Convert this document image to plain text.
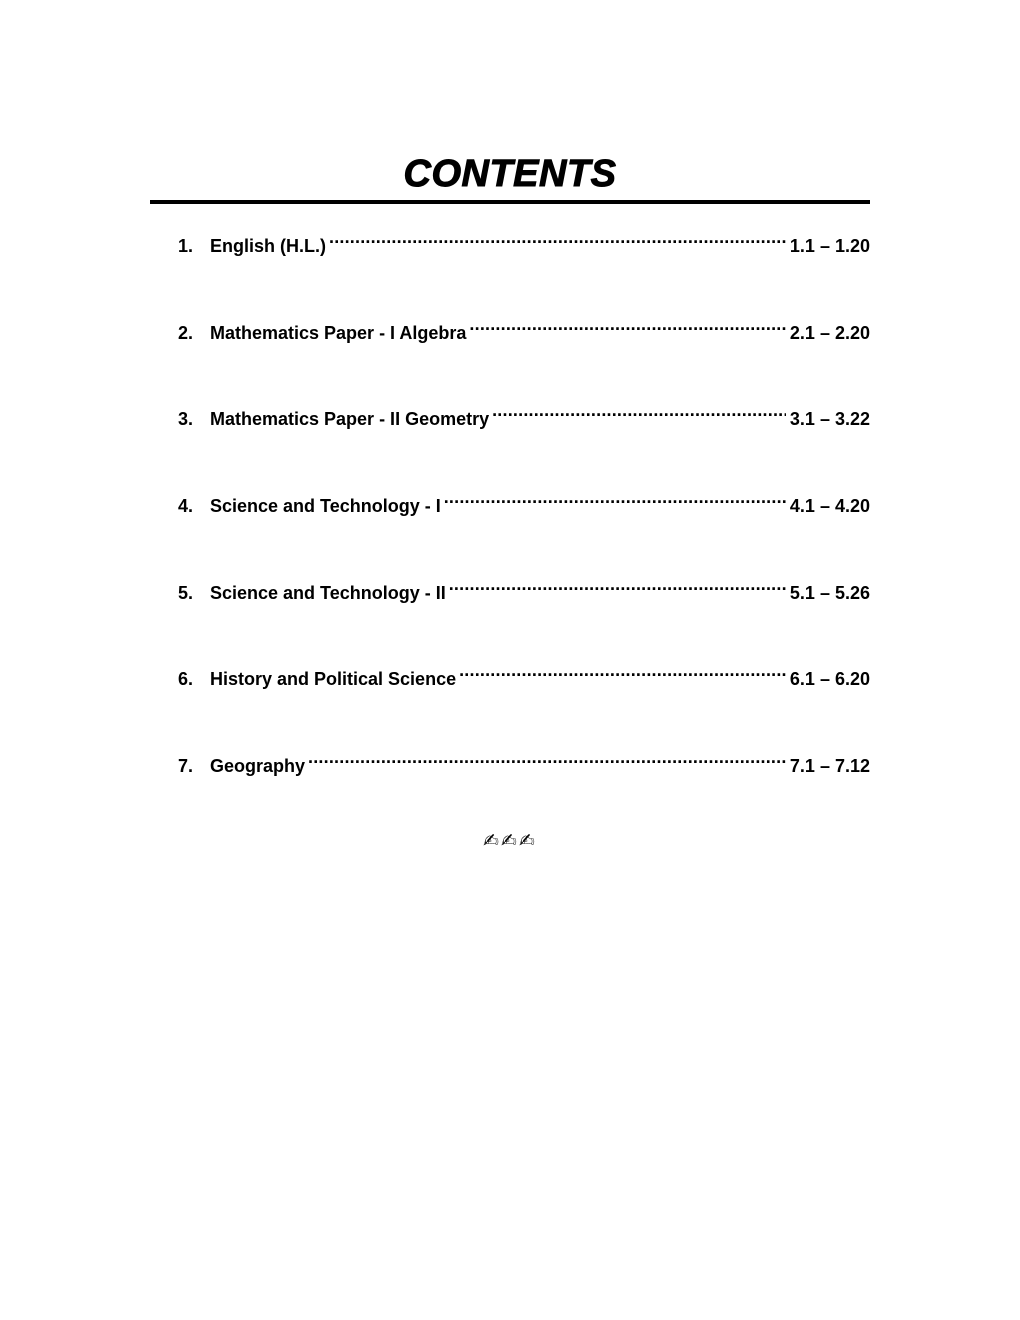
CONTENTS
1. English (H.L.) .....	1.1 – 1.20
2. Mathematics Paper - I Algebra .....	2.1 – 2.20
3. Mathematics Paper - II Geometry .....	3.1 – 3.22
4. Science and Technology - I .....	4.1 – 4.20
5. Science and Technology - II .....	5.1 – 5.26
6. History and Political Science .....	6.1 – 6.20
7. Geography .....	7.1 – 7.12
✍✍✍
